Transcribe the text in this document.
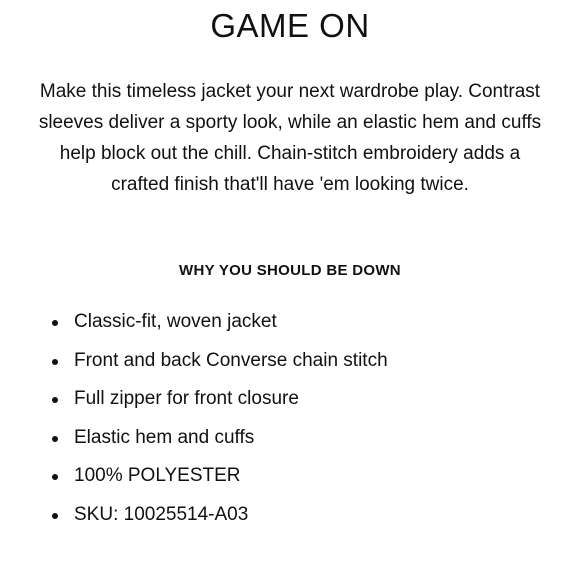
GAME ON

Make this timeless jacket your next wardrobe play. Contrast sleeves deliver a sporty look, while an elastic hem and cuffs help block out the chill. Chain-stitch embroidery adds a crafted finish that'll have 'em looking twice.

WHY YOU SHOULD BE DOWN
Classic-fit, woven jacket
Front and back Converse chain stitch
Full zipper for front closure
Elastic hem and cuffs
100% POLYESTER
SKU: 10025514-A03
